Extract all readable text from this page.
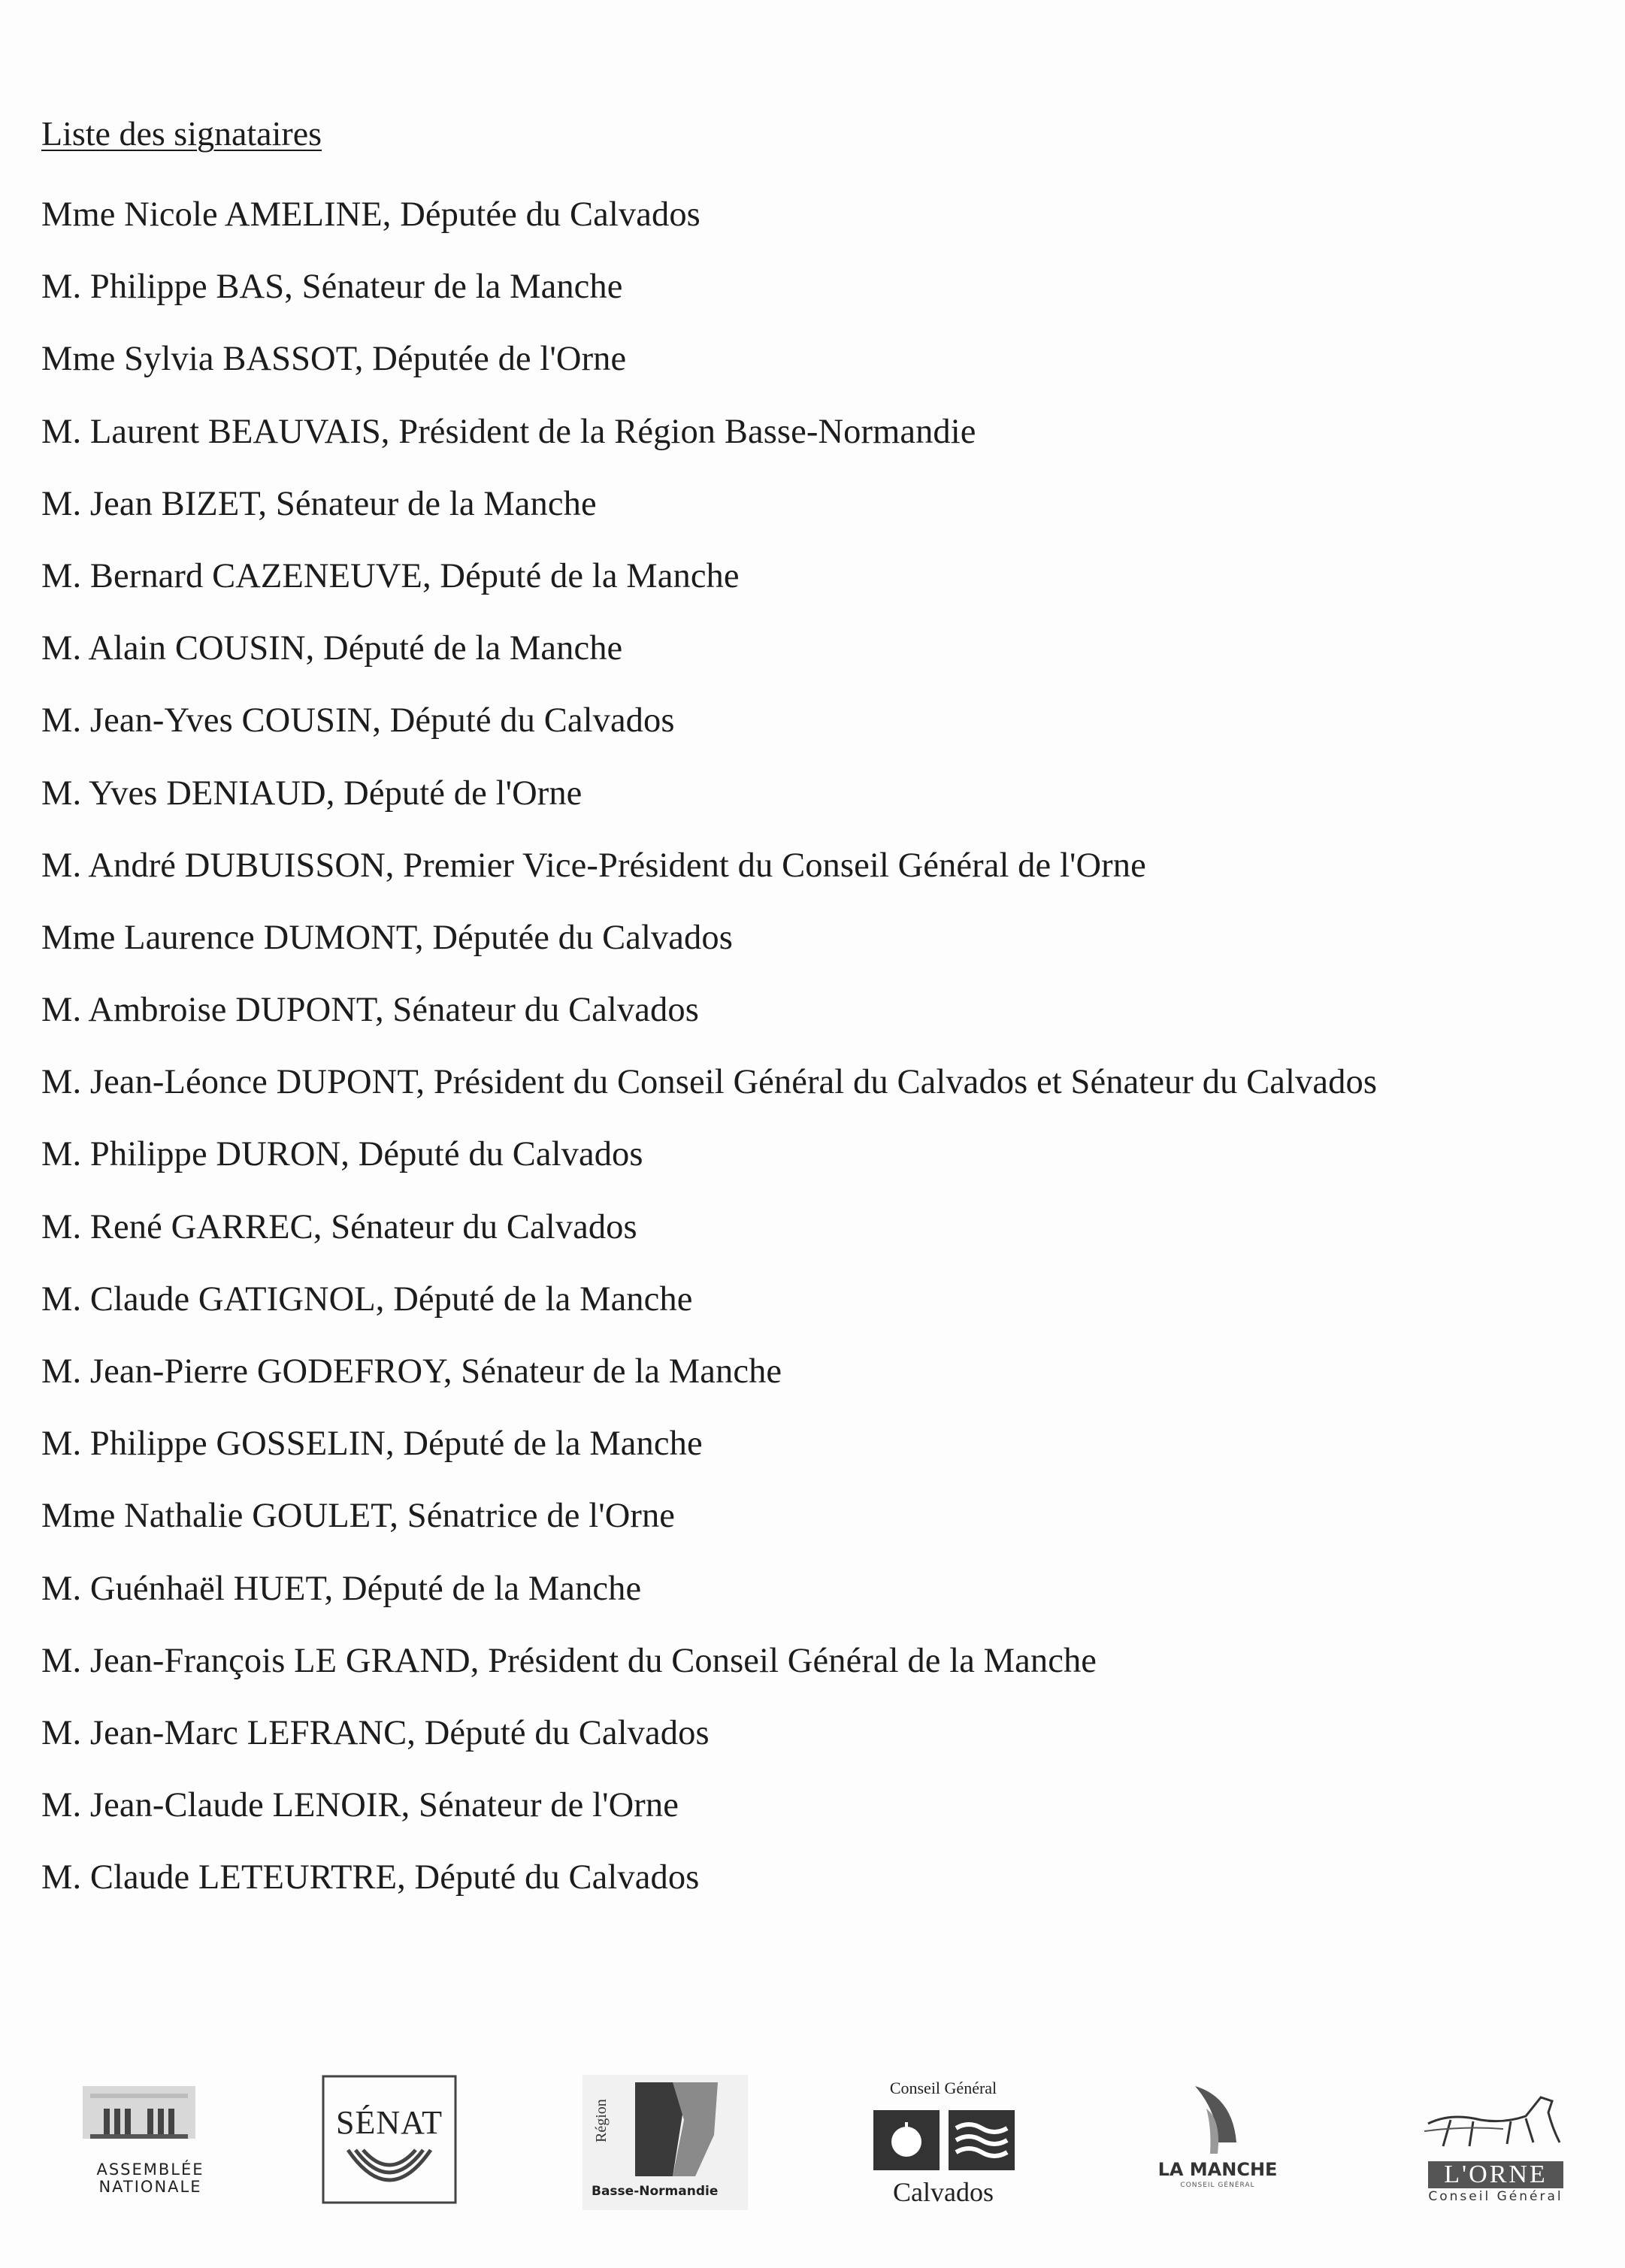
Liste des signataires
Mme Nicole AMELINE, Députée du Calvados
M. Philippe BAS, Sénateur de la Manche
Mme Sylvia BASSOT, Députée de l'Orne
M. Laurent BEAUVAIS, Président de la Région Basse-Normandie
M. Jean BIZET, Sénateur de la Manche
M. Bernard CAZENEUVE, Député de la Manche
M. Alain COUSIN, Député de la Manche
M. Jean-Yves COUSIN, Député du Calvados
M. Yves DENIAUD, Député de l'Orne
M. André DUBUISSON, Premier Vice-Président du Conseil Général de l'Orne
Mme Laurence DUMONT, Députée du Calvados
M. Ambroise DUPONT, Sénateur du Calvados
M. Jean-Léonce DUPONT, Président du Conseil Général du Calvados et Sénateur du Calvados
M. Philippe DURON, Député du Calvados
M. René GARREC, Sénateur du Calvados
M. Claude GATIGNOL, Député de la Manche
M. Jean-Pierre GODEFROY, Sénateur de la Manche
M. Philippe GOSSELIN, Député de la Manche
Mme Nathalie GOULET, Sénatrice de l'Orne
M. Guénhaël HUET, Député de la Manche
M. Jean-François LE GRAND, Président du Conseil Général de la Manche
M. Jean-Marc LEFRANC, Député du Calvados
M. Jean-Claude LENOIR, Sénateur de l'Orne
M. Claude LETEURTRE, Député du Calvados
ASSEMBLÉE
NATIONALE
SÉNAT	Région
Basse-Normandie
Conseil Général
Calvados
LA MANCHE
CONSEIL GÉNÉRAL	L'ORNE
Conseil Général
